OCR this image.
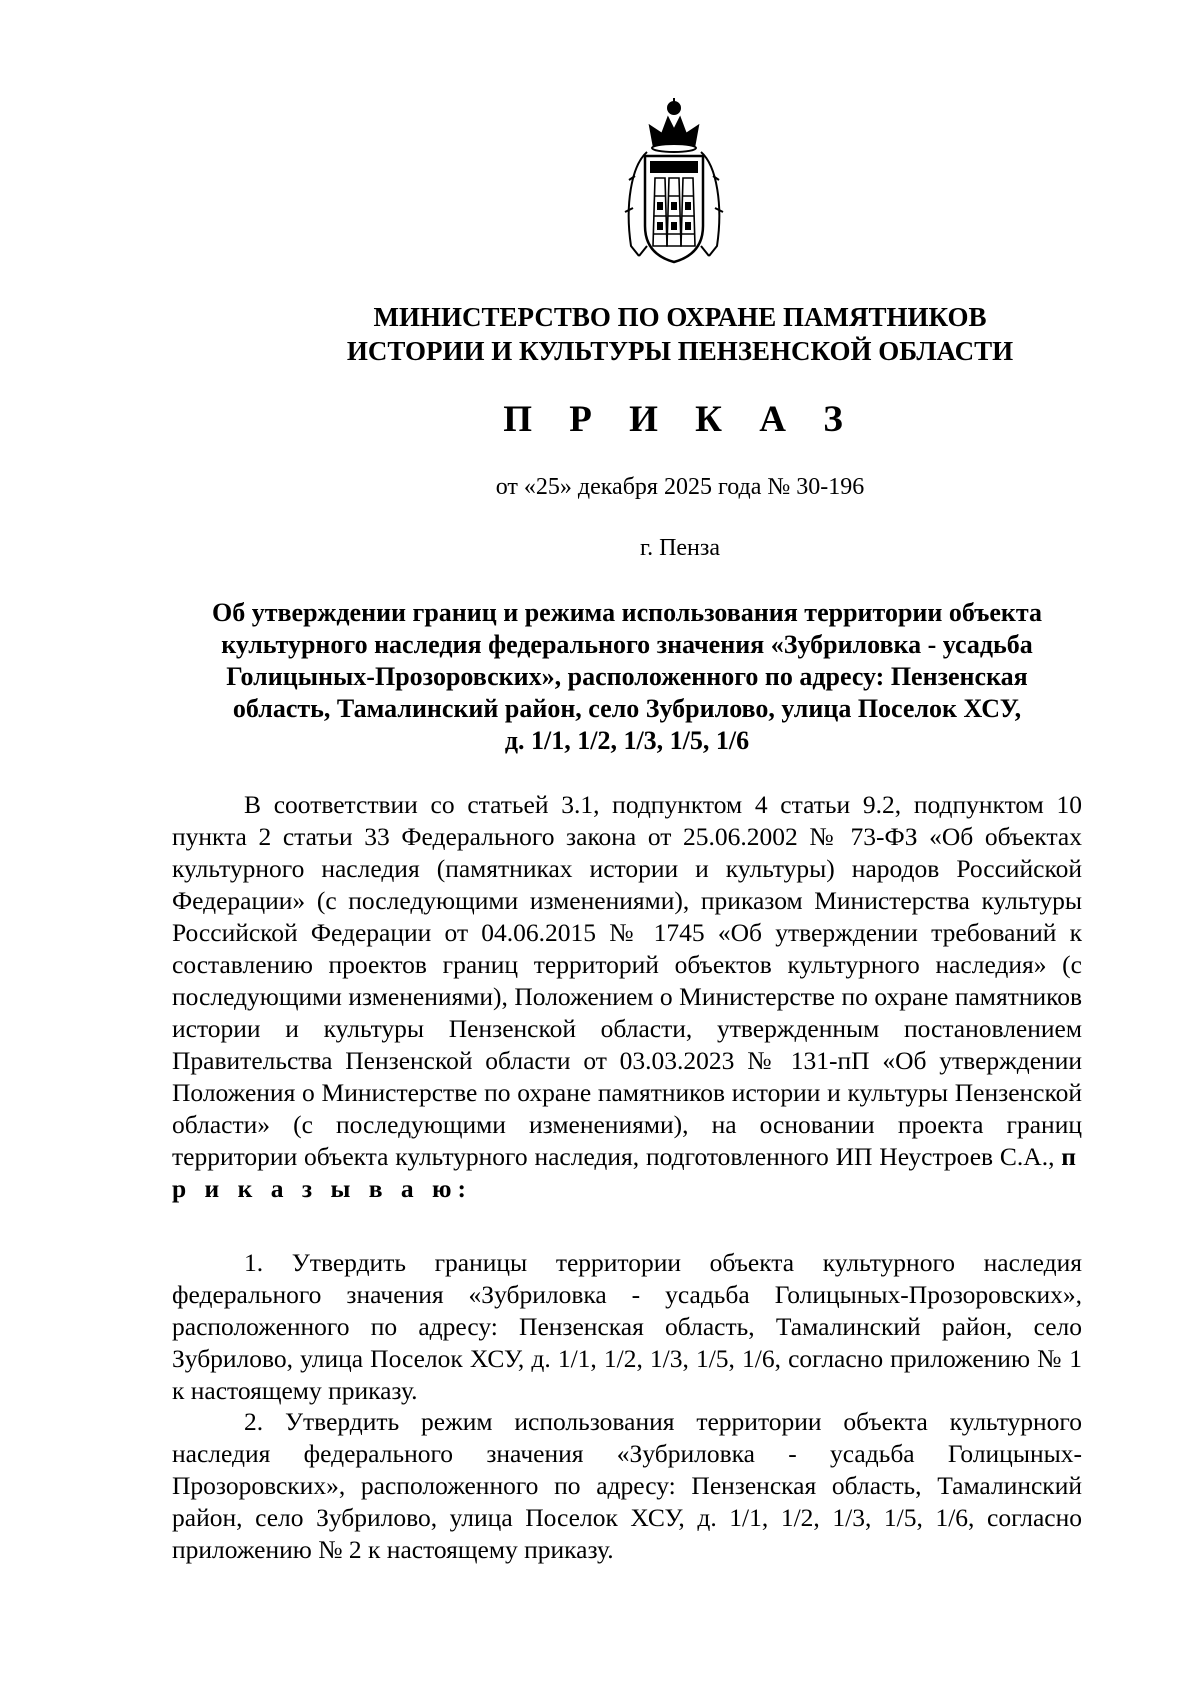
МИНИСТЕРСТВО ПО ОХРАНЕ ПАМЯТНИКОВ
ИСТОРИИ И КУЛЬТУРЫ ПЕНЗЕНСКОЙ ОБЛАСТИ
П Р И К А З
от «25» декабря 2025 года № 30-196
г. Пенза
Об утверждении границ и режима использования территории объекта
культурного наследия федерального значения «Зубриловка - усадьба
Голицыных-Прозоровских», расположенного по адресу: Пензенская
область, Тамалинский район, село Зубрилово, улица Поселок ХСУ,
д. 1/1, 1/2, 1/3, 1/5, 1/6

В соответствии со статьей 3.1, подпунктом 4 статьи 9.2, подпунктом 10 пункта 2 статьи 33 Федерального закона от 25.06.2002 № 73-ФЗ «Об объектах культурного наследия (памятниках истории и культуры) народов Российской Федерации» (с последующими изменениями), приказом Министерства культуры Российской Федерации от 04.06.2015 № 1745 «Об утверждении требований к составлению проектов границ территорий объектов культурного наследия» (с последующими изменениями), Положением о Министерстве по охране памятников истории и культуры Пензенской области, утвержденным постановлением Правительства Пензенской области от 03.03.2023 № 131-пП «Об утверждении Положения о Министерстве по охране памятников истории и культуры Пензенской области» (с последующими изменениями), на основании проекта границ территории объекта культурного наследия, подготовленного ИП Неустроев С.А., п р и к а з ы в а ю:

1. Утвердить границы территории объекта культурного наследия федерального значения «Зубриловка - усадьба Голицыных-Прозоровских», расположенного по адресу: Пензенская область, Тамалинский район, село Зубрилово, улица Поселок ХСУ, д. 1/1, 1/2, 1/3, 1/5, 1/6, согласно приложению № 1 к настоящему приказу.

2. Утвердить режим использования территории объекта культурного наследия федерального значения «Зубриловка - усадьба Голицыных-Прозоровских», расположенного по адресу: Пензенская область, Тамалинский район, село Зубрилово, улица Поселок ХСУ, д. 1/1, 1/2, 1/3, 1/5, 1/6, согласно приложению № 2 к настоящему приказу.
